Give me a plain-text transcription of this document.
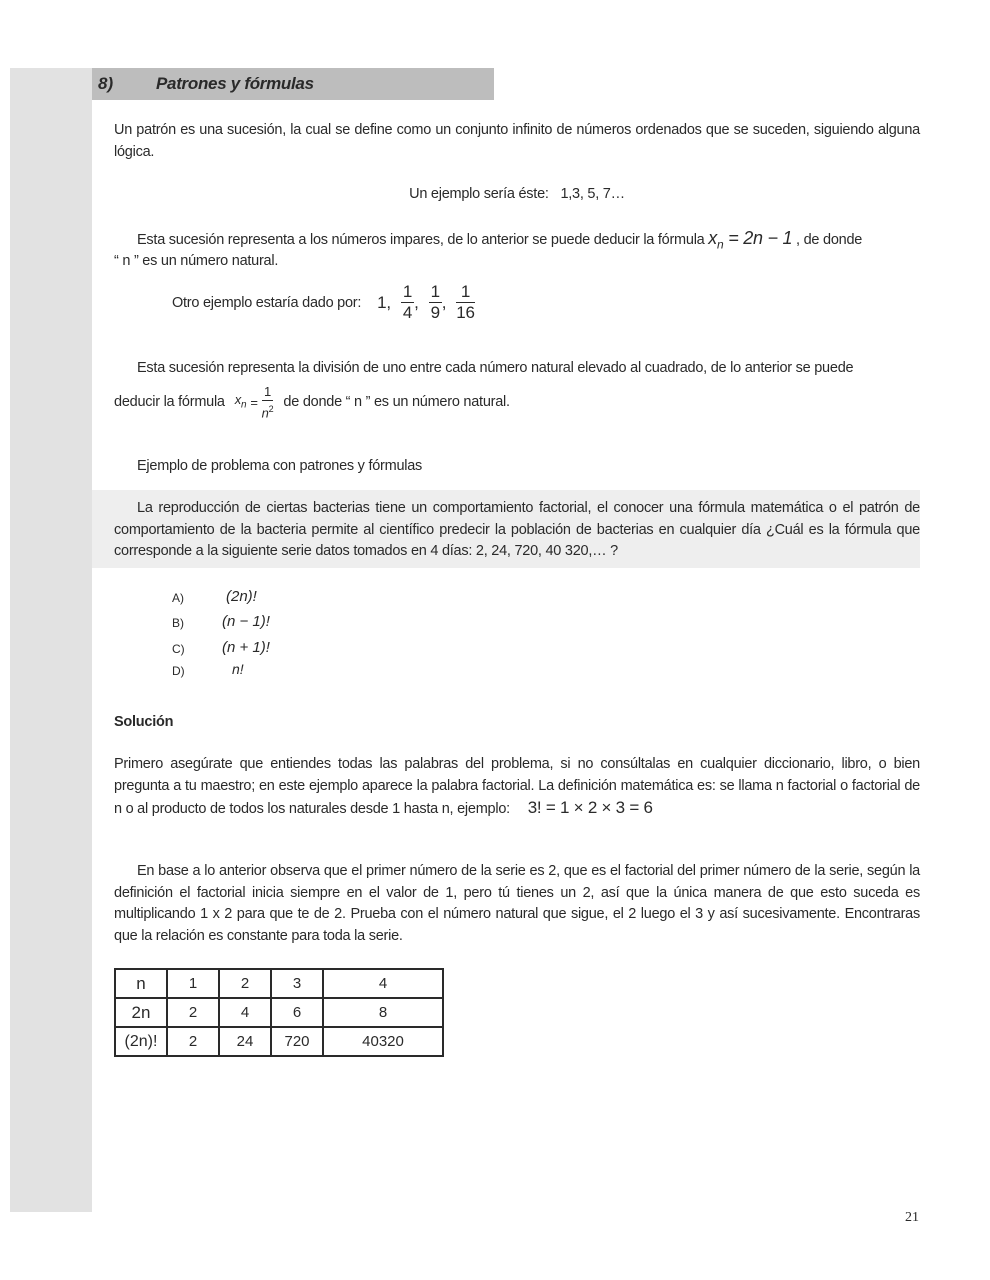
8)	Patrones y fórmulas
Un patrón es una sucesión, la cual se define como un conjunto infinito de números ordenados que se suceden, siguiendo alguna lógica.
Un ejemplo sería éste: 1,3, 5, 7…
Esta sucesión representa a los números impares, de lo anterior se puede deducir la fórmula $x_n = 2n - 1$ , de donde
“ n ” es un número natural.
Otro ejemplo estaría dado por: 1, $\frac{1}{4}$ , $\frac{1}{9}$ , $\frac{1}{16}$
Esta sucesión representa la división de uno entre cada número natural elevado al cuadrado, de lo anterior se puede
deducir la fórmula $x_n = \frac{1}{n^2}$ de donde “ n ” es un número natural.
Ejemplo de problema con patrones y fórmulas
La reproducción de ciertas bacterias tiene un comportamiento factorial, el conocer una fórmula matemática o el patrón de comportamiento de la bacteria permite al científico predecir la población de bacterias en cualquier día ¿Cuál es la fórmula que corresponde a la siguiente serie datos tomados en 4 días: 2, 24, 720, 40 320,… ?
A)	(2n)!
B)	(n − 1)!
C) (n + 1)!
D)	n!
Solución
Primero asegúrate que entiendes todas las palabras del problema, si no consúltalas en cualquier diccionario, libro, o bien pregunta a tu maestro; en este ejemplo aparece la palabra factorial. La definición matemática es: se llama n factorial o factorial de n o al producto de todos los naturales desde 1 hasta n, ejemplo: 3! = 1 × 2 × 3 = 6
En base a lo anterior observa que el primer número de la serie es 2, que es el factorial del primer número de la serie, según la definición el factorial inicia siempre en el valor de 1, pero tú tienes un 2, así que la única manera de que esto suceda es multiplicando 1 x 2 para que te de 2. Prueba con el número natural que sigue, el 2 luego el 3 y así sucesivamente. Encontraras que la relación es constante para toda la serie.
n	1	2	3	4
2n	2	4	6	8
(2n)!	2	24	720	40320
21
